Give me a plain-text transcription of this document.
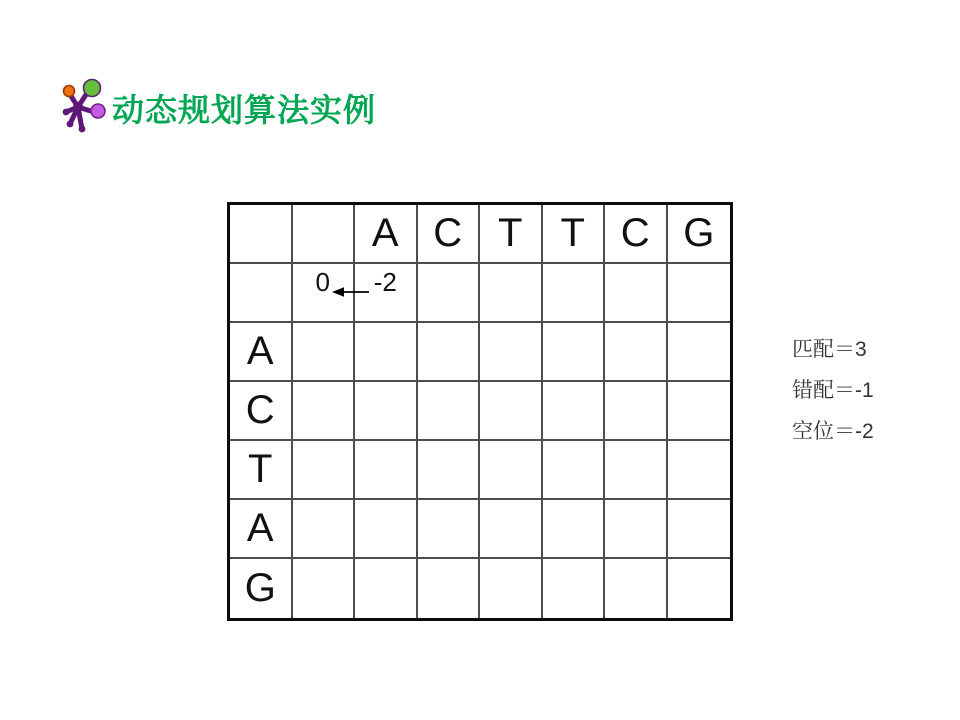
动态规划算法实例
A C T T C G
0	-2
A
C
T
A
G
匹配＝3
错配＝-1
空位＝-2
